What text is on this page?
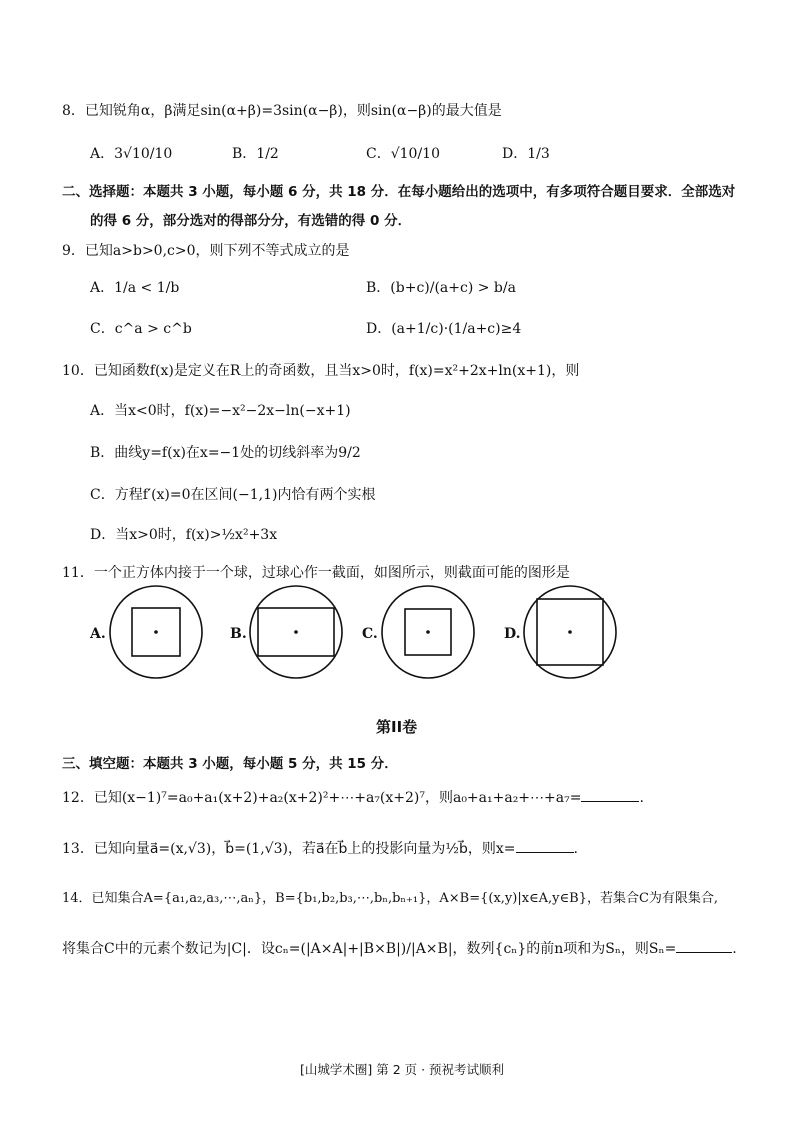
8．已知锐角α，β满足sin(α+β)=3sin(α−β)，则sin(α−β)的最大值是
A．3√10/10	B．1/2	C．√10/10	D．1/3
二、选择题：本题共 3 小题，每小题 6 分，共 18 分．在每小题给出的选项中，有多项符合题目要求．全部选对
的得 6 分，部分选对的得部分分，有选错的得 0 分．
9．已知a>b>0,c>0，则下列不等式成立的是
A．1/a < 1/b	B．(b+c)/(a+c) > b/a
C．c^a > c^b	D．(a+1/c)·(1/a+c)≥4
10．已知函数f(x)是定义在R上的奇函数，且当x>0时，f(x)=x²+2x+ln(x+1)，则
A．当x<0时，f(x)=−x²−2x−ln(−x+1)
B．曲线y=f(x)在x=−1处的切线斜率为9/2
C．方程f′(x)=0在区间(−1,1)内恰有两个实根
D．当x>0时，f(x)>½x²+3x
11．一个正方体内接于一个球，过球心作一截面，如图所示，则截面可能的图形是
A.	B.	C.	D.
第II卷
三、填空题：本题共 3 小题，每小题 5 分，共 15 分．
12．已知(x−1)⁷=a₀+a₁(x+2)+a₂(x+2)²+⋯+a₇(x+2)⁷，则a₀+a₁+a₂+⋯+a₇=	.
13．已知向量a⃗=(x,√3)，b⃗=(1,√3)，若a⃗在b⃗上的投影向量为½b⃗，则x=	.
14．已知集合A={a₁,a₂,a₃,⋯,aₙ}，B={b₁,b₂,b₃,⋯,bₙ,bₙ₊₁}，A×B={(x,y)|x∈A,y∈B}，若集合C为有限集合,
将集合C中的元素个数记为|C|．设cₙ=(|A×A|+|B×B|)/|A×B|，数列{cₙ}的前n项和为Sₙ，则Sₙ=	.
[山城学术圈] 第 2 页 · 预祝考试顺利
